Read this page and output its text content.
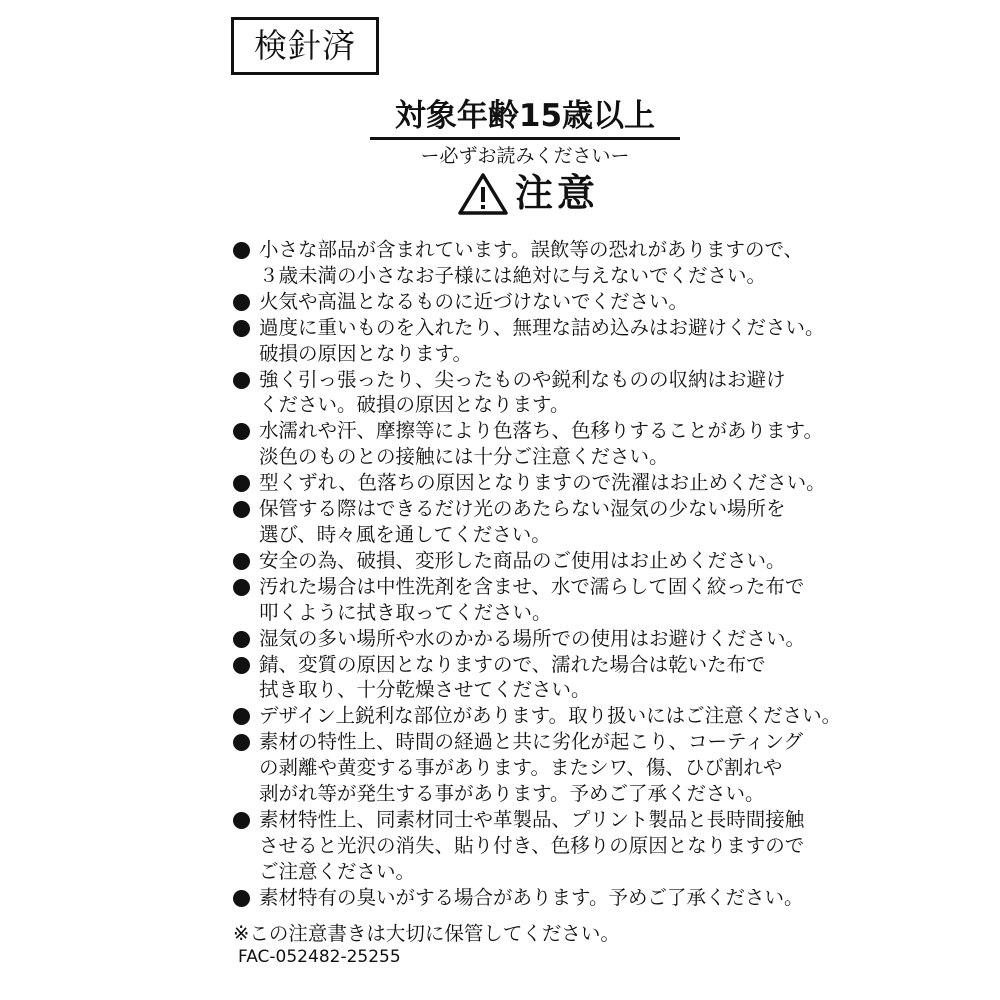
検針済
対象年齢15歳以上
ー必ずお読みくださいー
注意
小さな部品が含まれています。誤飲等の恐れがありますので、
３歳未満の小さなお子様には絶対に与えないでください。
火気や高温となるものに近づけないでください。
過度に重いものを入れたり、無理な詰め込みはお避けください。
破損の原因となります。
強く引っ張ったり、尖ったものや鋭利なものの収納はお避け
ください。破損の原因となります。
水濡れや汗、摩擦等により色落ち、色移りすることがあります。
淡色のものとの接触には十分ご注意ください。
型くずれ、色落ちの原因となりますので洗濯はお止めください。
保管する際はできるだけ光のあたらない湿気の少ない場所を
選び、時々風を通してください。
安全の為、破損、変形した商品のご使用はお止めください。
汚れた場合は中性洗剤を含ませ、水で濡らして固く絞った布で
叩くように拭き取ってください。
湿気の多い場所や水のかかる場所での使用はお避けください。
錆、変質の原因となりますので、濡れた場合は乾いた布で
拭き取り、十分乾燥させてください。
デザイン上鋭利な部位があります。取り扱いにはご注意ください。
素材の特性上、時間の経過と共に劣化が起こり、コーティング
の剥離や黄変する事があります。またシワ、傷、ひび割れや
剥がれ等が発生する事があります。予めご了承ください。
素材特性上、同素材同士や革製品、プリント製品と長時間接触
させると光沢の消失、貼り付き、色移りの原因となりますので
ご注意ください。
素材特有の臭いがする場合があります。予めご了承ください。
※この注意書きは大切に保管してください。
FAC-052482-25255
